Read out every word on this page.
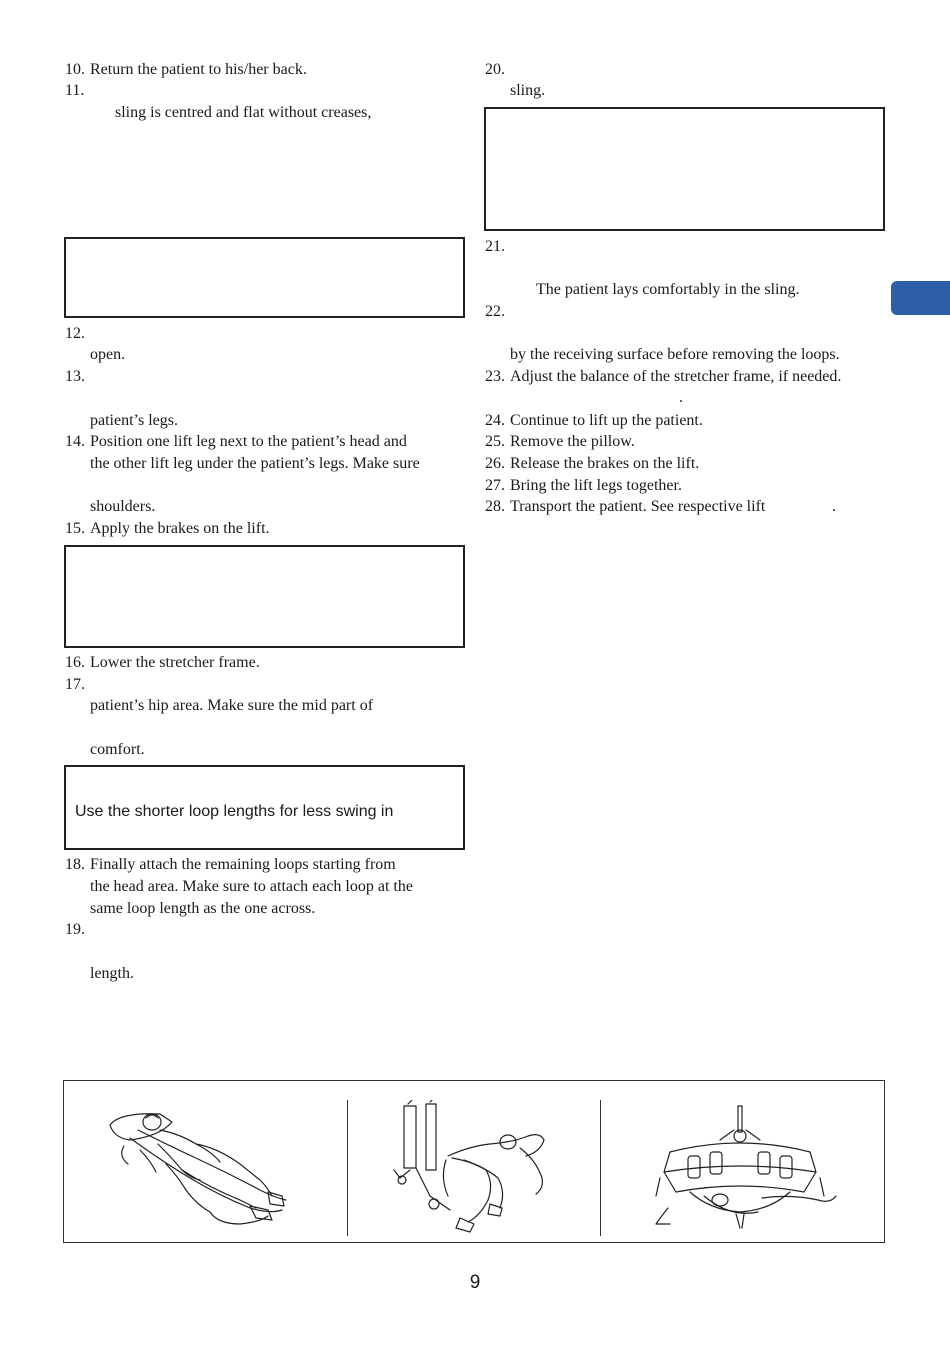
10. Return the patient to his/her back.
11.
sling is centred and flat without creases,
12.
open.
13.
patient’s legs.
14. Position one lift leg next to the patient’s head and
the other lift leg under the patient’s legs. Make sure
shoulders.
15. Apply the brakes on the lift.
16. Lower the stretcher frame.
17.
patient’s hip area. Make sure the mid part of
comfort.
Use the shorter loop lengths for less swing in
18. Finally attach the remaining loops starting from
the head area. Make sure to attach each loop at the
same loop length as the one across.
19.
length.
20.
sling.
21.
The patient lays comfortably in the sling.
22.
by the receiving surface before removing the loops.
23. Adjust the balance of the stretcher frame, if needed.
.
24. Continue to lift up the patient.
25. Remove the pillow.
26. Release the brakes on the lift.
27. Bring the lift legs together.
28. Transport the patient. See respective lift	.
9
